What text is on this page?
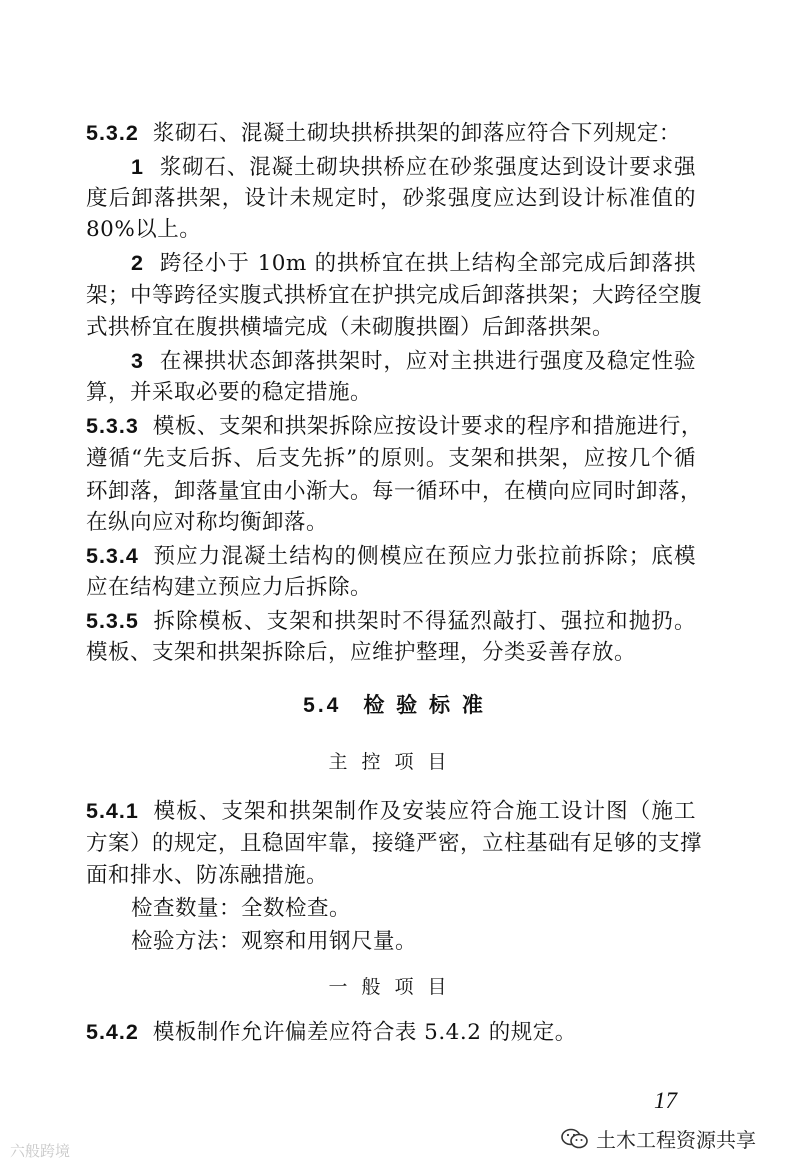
5.3.2 浆砌石、混凝土砌块拱桥拱架的卸落应符合下列规定：
1 浆砌石、混凝土砌块拱桥应在砂浆强度达到设计要求强
度后卸落拱架，设计未规定时，砂浆强度应达到设计标准值的
80%以上。
2 跨径小于 10m 的拱桥宜在拱上结构全部完成后卸落拱
架；中等跨径实腹式拱桥宜在护拱完成后卸落拱架；大跨径空腹
式拱桥宜在腹拱横墙完成（未砌腹拱圈）后卸落拱架。
3 在裸拱状态卸落拱架时，应对主拱进行强度及稳定性验
算，并采取必要的稳定措施。
5.3.3 模板、支架和拱架拆除应按设计要求的程序和措施进行，
遵循“先支后拆、后支先拆”的原则。支架和拱架，应按几个循
环卸落，卸落量宜由小渐大。每一循环中，在横向应同时卸落，
在纵向应对称均衡卸落。
5.3.4 预应力混凝土结构的侧模应在预应力张拉前拆除；底模
应在结构建立预应力后拆除。
5.3.5 拆除模板、支架和拱架时不得猛烈敲打、强拉和抛扔。
模板、支架和拱架拆除后，应维护整理，分类妥善存放。
5.4 检 验 标 准
主控项目
5.4.1 模板、支架和拱架制作及安装应符合施工设计图（施工
方案）的规定，且稳固牢靠，接缝严密，立柱基础有足够的支撑
面和排水、防冻融措施。
检查数量：全数检查。
检验方法：观察和用钢尺量。
一般项目
5.4.2 模板制作允许偏差应符合表 5.4.2 的规定。
17
六般跨境	土木工程资源共享
